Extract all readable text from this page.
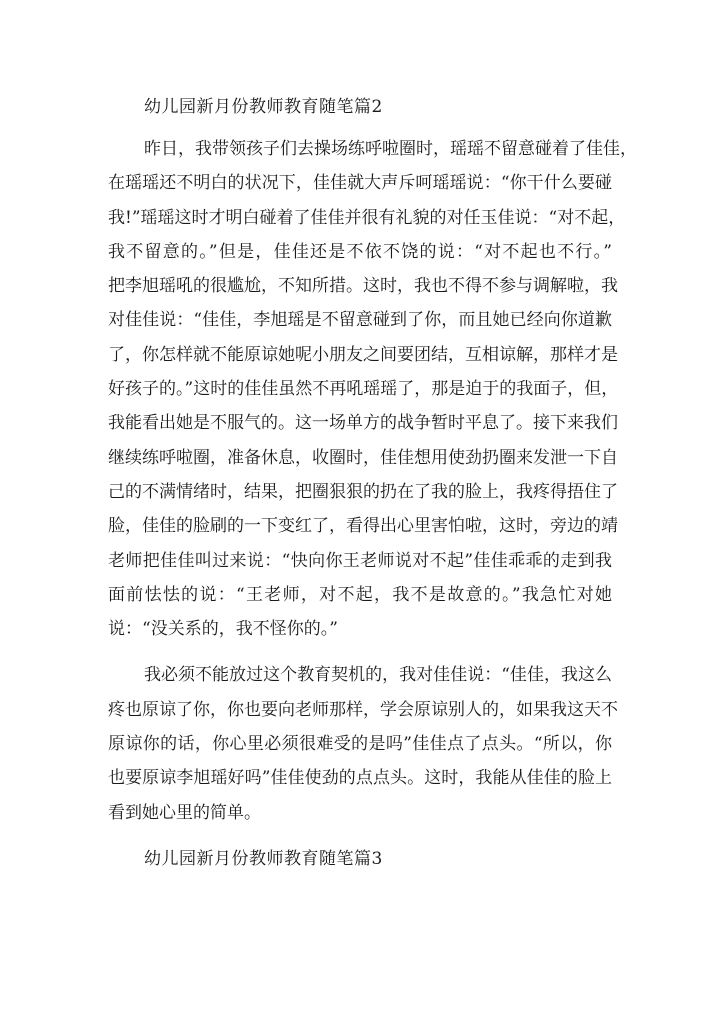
幼儿园新月份教师教育随笔篇2

昨日，我带领孩子们去操场练呼啦圈时，瑶瑶不留意碰着了佳佳，
在瑶瑶还不明白的状况下，佳佳就大声斥呵瑶瑶说：“你干什么要碰
我!”瑶瑶这时才明白碰着了佳佳并很有礼貌的对任玉佳说：“对不起，
我不留意的。”但是，佳佳还是不依不饶的说：“对不起也不行。”
把李旭瑶吼的很尴尬，不知所措。这时，我也不得不参与调解啦，我
对佳佳说：“佳佳，李旭瑶是不留意碰到了你，而且她已经向你道歉
了，你怎样就不能原谅她呢小朋友之间要团结，互相谅解，那样才是
好孩子的。”这时的佳佳虽然不再吼瑶瑶了，那是迫于的我面子，但，
我能看出她是不服气的。这一场单方的战争暂时平息了。接下来我们
继续练呼啦圈，准备休息，收圈时，佳佳想用使劲扔圈来发泄一下自
己的不满情绪时，结果，把圈狠狠的扔在了我的脸上，我疼得捂住了
脸，佳佳的脸刷的一下变红了，看得出心里害怕啦，这时，旁边的靖
老师把佳佳叫过来说：“快向你王老师说对不起”佳佳乖乖的走到我
面前怯怯的说：“王老师，对不起，我不是故意的。”我急忙对她
说：“没关系的，我不怪你的。”
我必须不能放过这个教育契机的，我对佳佳说：“佳佳，我这么
疼也原谅了你，你也要向老师那样，学会原谅别人的，如果我这天不
原谅你的话，你心里必须很难受的是吗”佳佳点了点头。“所以，你
也要原谅李旭瑶好吗”佳佳使劲的点点头。这时，我能从佳佳的脸上
看到她心里的简单。

幼儿园新月份教师教育随笔篇3
